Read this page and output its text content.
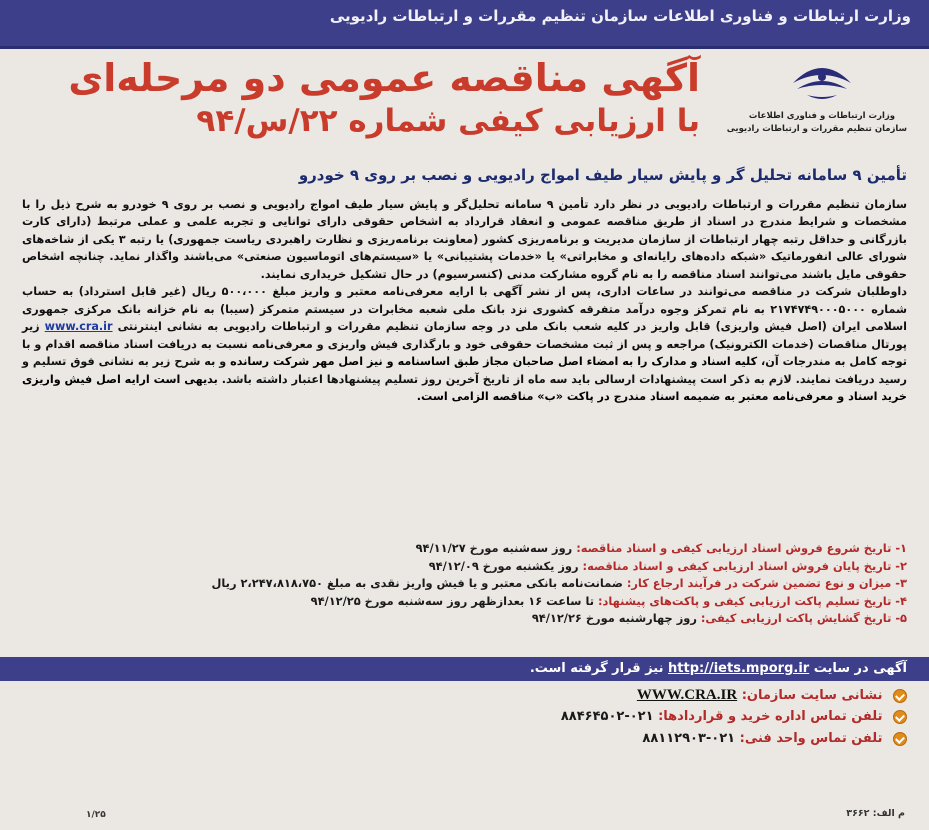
وزارت ارتباطات و فناوری اطلاعات سازمان تنظیم مقررات و ارتباطات رادیویی
آگهی مناقصه عمومی دو مرحله‌ای
با ارزیابی کیفی شماره ۲۲/س/۹۴	وزارت ارتباطات و فناوری اطلاعات
سازمان تنظیم مقررات و ارتباطات رادیویی
تأمین ۹ سامانه تحلیل گر و پایش سیار طیف امواج رادیویی و نصب بر روی ۹ خودرو

سازمان تنظیم مقررات و ارتباطات رادیویی در نظر دارد تأمین ۹ سامانه تحلیل‌گر و پایش سیار طیف امواج رادیویی و نصب بر روی ۹ خودرو به شرح ذیل را با مشخصات و شرایط مندرج در اسناد از طریق مناقصه عمومی و انعقاد قرارداد به اشخاص حقوقی دارای توانایی و تجربه علمی و عملی مرتبط (دارای کارت بازرگانی و حداقل رتبه چهار ارتباطات از سازمان مدیریت و برنامه‌ریزی کشور (معاونت برنامه‌ریزی و نظارت راهبردی ریاست جمهوری) یا رتبه ۳ یکی از شاخه‌های شورای عالی انفورماتیک «شبکه داده‌های رایانه‌ای و مخابراتی» یا «خدمات پشتیبانی» یا «سیستم‌های اتوماسیون صنعتی» می‌باشند واگذار نماید. چنانچه اشخاص حقوقی مایل باشند می‌توانند اسناد مناقصه را به نام گروه مشارکت مدنی (کنسرسیوم) در حال تشکیل خریداری نمایند.

داوطلبان شرکت در مناقصه می‌توانند در ساعات اداری، پس از نشر آگهی با ارایه معرفی‌نامه معتبر و واریز مبلغ ۵۰۰،۰۰۰ ریال (غیر قابل استرداد) به حساب شماره ۲۱۷۴۷۴۹۰۰۰۵۰۰۰ به نام تمرکز وجوه درآمد متفرقه کشوری نزد بانک ملی شعبه مخابرات در سیستم متمرکز (سیبا) به نام خزانه بانک مرکزی جمهوری اسلامی ایران (اصل فیش واریزی) قابل واریز در کلیه شعب بانک ملی در وجه سازمان تنظیم مقررات و ارتباطات رادیویی به نشانی اینترنتی www.cra.ir زیر پورتال مناقصات (خدمات الکترونیک) مراجعه و پس از ثبت مشخصات حقوقی خود و بارگذاری فیش واریزی و معرفی‌نامه نسبت به دریافت اسناد مناقصه اقدام و با توجه کامل به مندرجات آن، کلیه اسناد و مدارک را به امضاء اصل صاحبان مجاز طبق اساسنامه و نیز اصل مهر شرکت رسانده و به شرح زیر به نشانی فوق تسلیم و رسید دریافت نمایند. لازم به ذکر است پیشنهادات ارسالی باید سه ماه از تاریخ آخرین روز تسلیم پیشنهادها اعتبار داشته باشد. بدیهی است ارایه اصل فیش واریزی خرید اسناد و معرفی‌نامه معتبر به ضمیمه اسناد مندرج در پاکت «ب» مناقصه الزامی است.

۱- تاریخ شروع فروش اسناد ارزیابی کیفی و اسناد مناقصه: روز سه‌شنبه مورخ ۹۴/۱۱/۲۷
۲- تاریخ پایان فروش اسناد ارزیابی کیفی و اسناد مناقصه: روز یکشنبه مورخ ۹۴/۱۲/۰۹
۳- میزان و نوع تضمین شرکت در فرآیند ارجاع کار: ضمانت‌نامه بانکی معتبر و یا فیش واریز نقدی به مبلغ ۲،۲۴۷،۸۱۸،۷۵۰ ریال
۴- تاریخ تسلیم پاکت ارزیابی کیفی و پاکت‌های پیشنهاد: تا ساعت ۱۶ بعدازظهر روز سه‌شنبه مورخ ۹۴/۱۲/۲۵
۵- تاریخ گشایش پاکت ارزیابی کیفی: روز چهارشنبه مورخ ۹۴/۱۲/۲۶
آگهی در سایت http://iets.mporg.ir نیز قرار گرفته است.
نشانی سایت سازمان: WWW.CRA.IR
تلفن تماس اداره خرید و قراردادها: ۰۲۱-۸۸۴۶۴۵۰۲
تلفن تماس واحد فنی: ۰۲۱-۸۸۱۱۲۹۰۳
۱/۲۵	م الف: ۳۶۶۲
